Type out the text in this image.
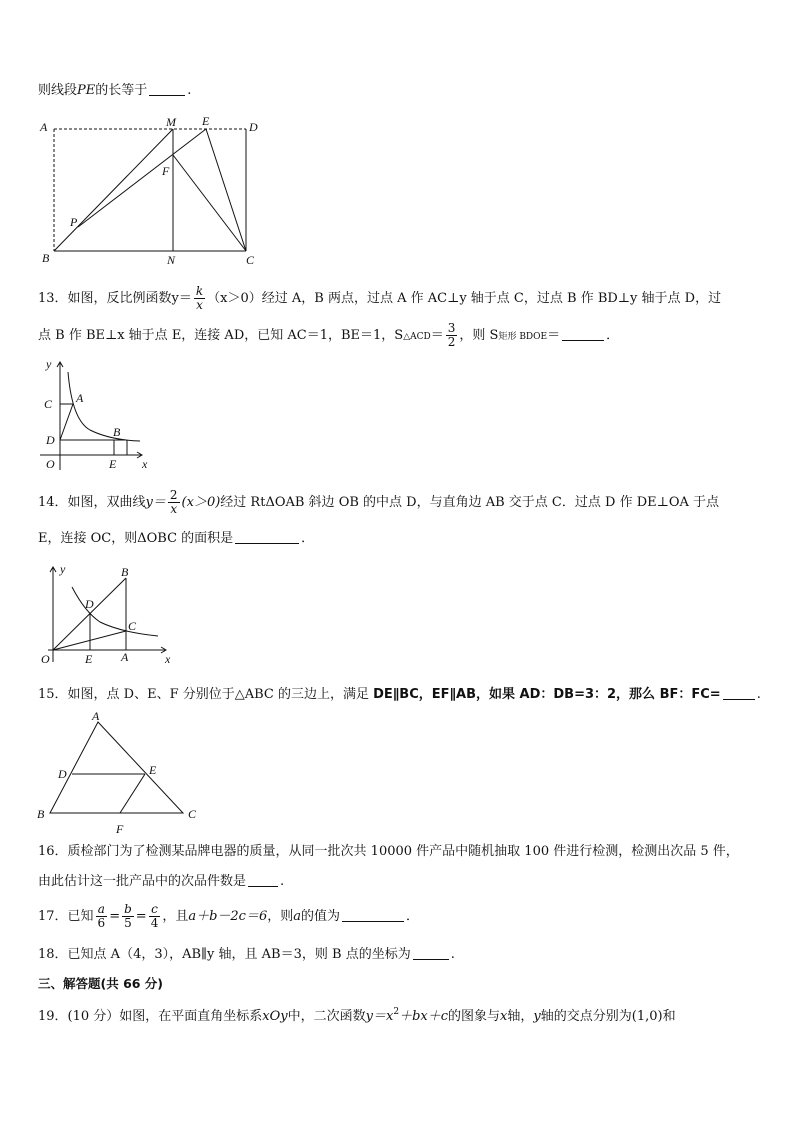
则线段PE的长等于	.
A	M E	D
F
P
B	N	C
13．如图，反比例函数$y= \frac{k}{x} (x>0)$经过 A，B 两点，过点 A 作 AC⊥y 轴于点 C，过点 B 作 BD⊥y 轴于点 D，过
点 B 作 BE⊥x 轴于点 E，连接 AD，已知 AC＝1，BE＝1，S△ACD＝ $\frac{3}{2}$ ，则 S矩形 BDOE＝	．
y
C A
D
B
O	E x
14．如图，双曲线$y= \frac{2}{x} (x>0)$经过 RtΔOAB 斜边 OB 的中点 D，与直角边 AB 交于点 C．过点 D 作 DE⊥OA 于点
E，连接 OC，则ΔOBC 的面积是	．
y	B
D
C
O	E A	x
15．如图，点 D、E、F 分别位于△ABC 的三边上，满足 DE∥BC，EF∥AB，如果 AD：DB=3：2，那么 BF：FC=	.
A
D	E
B	C
F
16．质检部门为了检测某品牌电器的质量，从同一批次共 10000 件产品中随机抽取 100 件进行检测，检测出次品 5 件，
由此估计这一批产品中的次品件数是	.
17．已知 $\frac{a}{6} = \frac{b}{5} = \frac{c}{4}$ ，且a＋b－2c＝6，则a的值为	．
18．已知点 A（4，3），AB∥y 轴，且 AB＝3，则 B 点的坐标为	.
三、解答题(共 66 分)
19．(10 分）如图，在平面直角坐标系xOy中，二次函数$y=x^2+bx+c$的图象与x轴，y轴的交点分别为(1,0)和
